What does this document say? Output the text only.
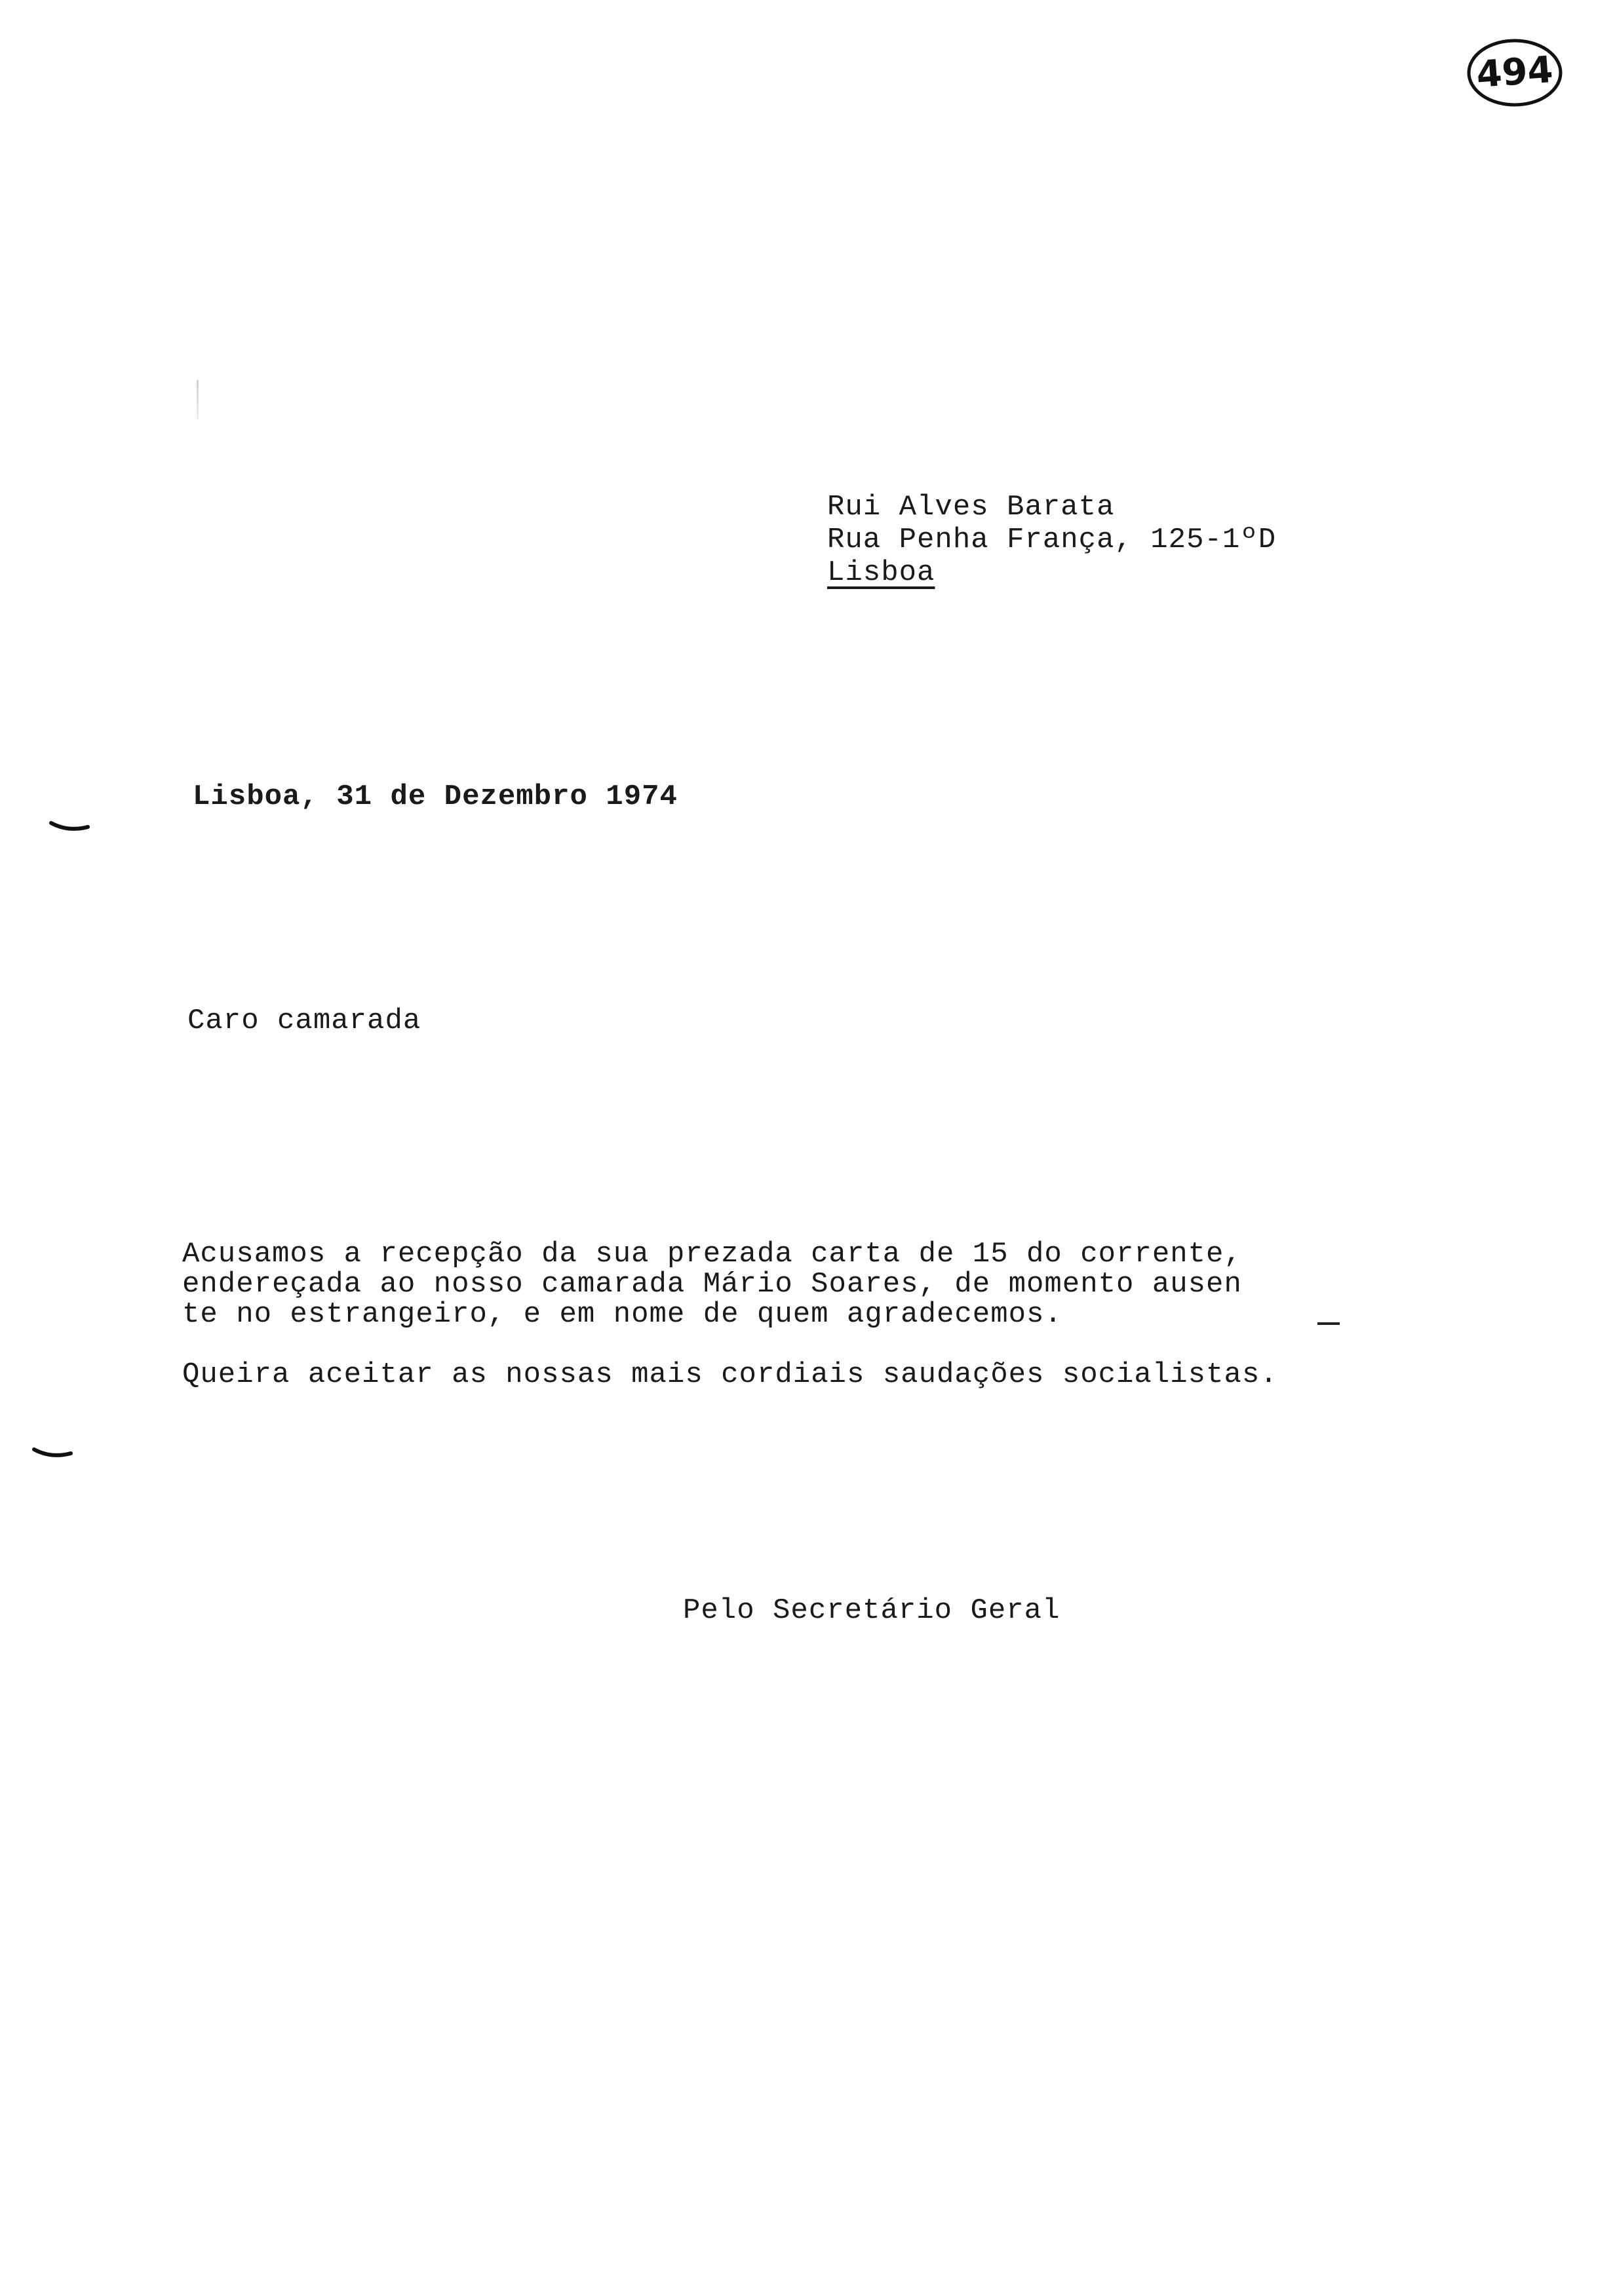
494
Rui Alves Barata
Rua Penha França, 125-1ºD
Lisboa
Lisboa, 31 de Dezembro 1974
Caro camarada
Acusamos a recepção da sua prezada carta de 15 do corrente,
endereçada ao nosso camarada Mário Soares, de momento ausen
te no estrangeiro, e em nome de quem agradecemos.
Queira aceitar as nossas mais cordiais saudações socialistas.
Pelo Secretário Geral
